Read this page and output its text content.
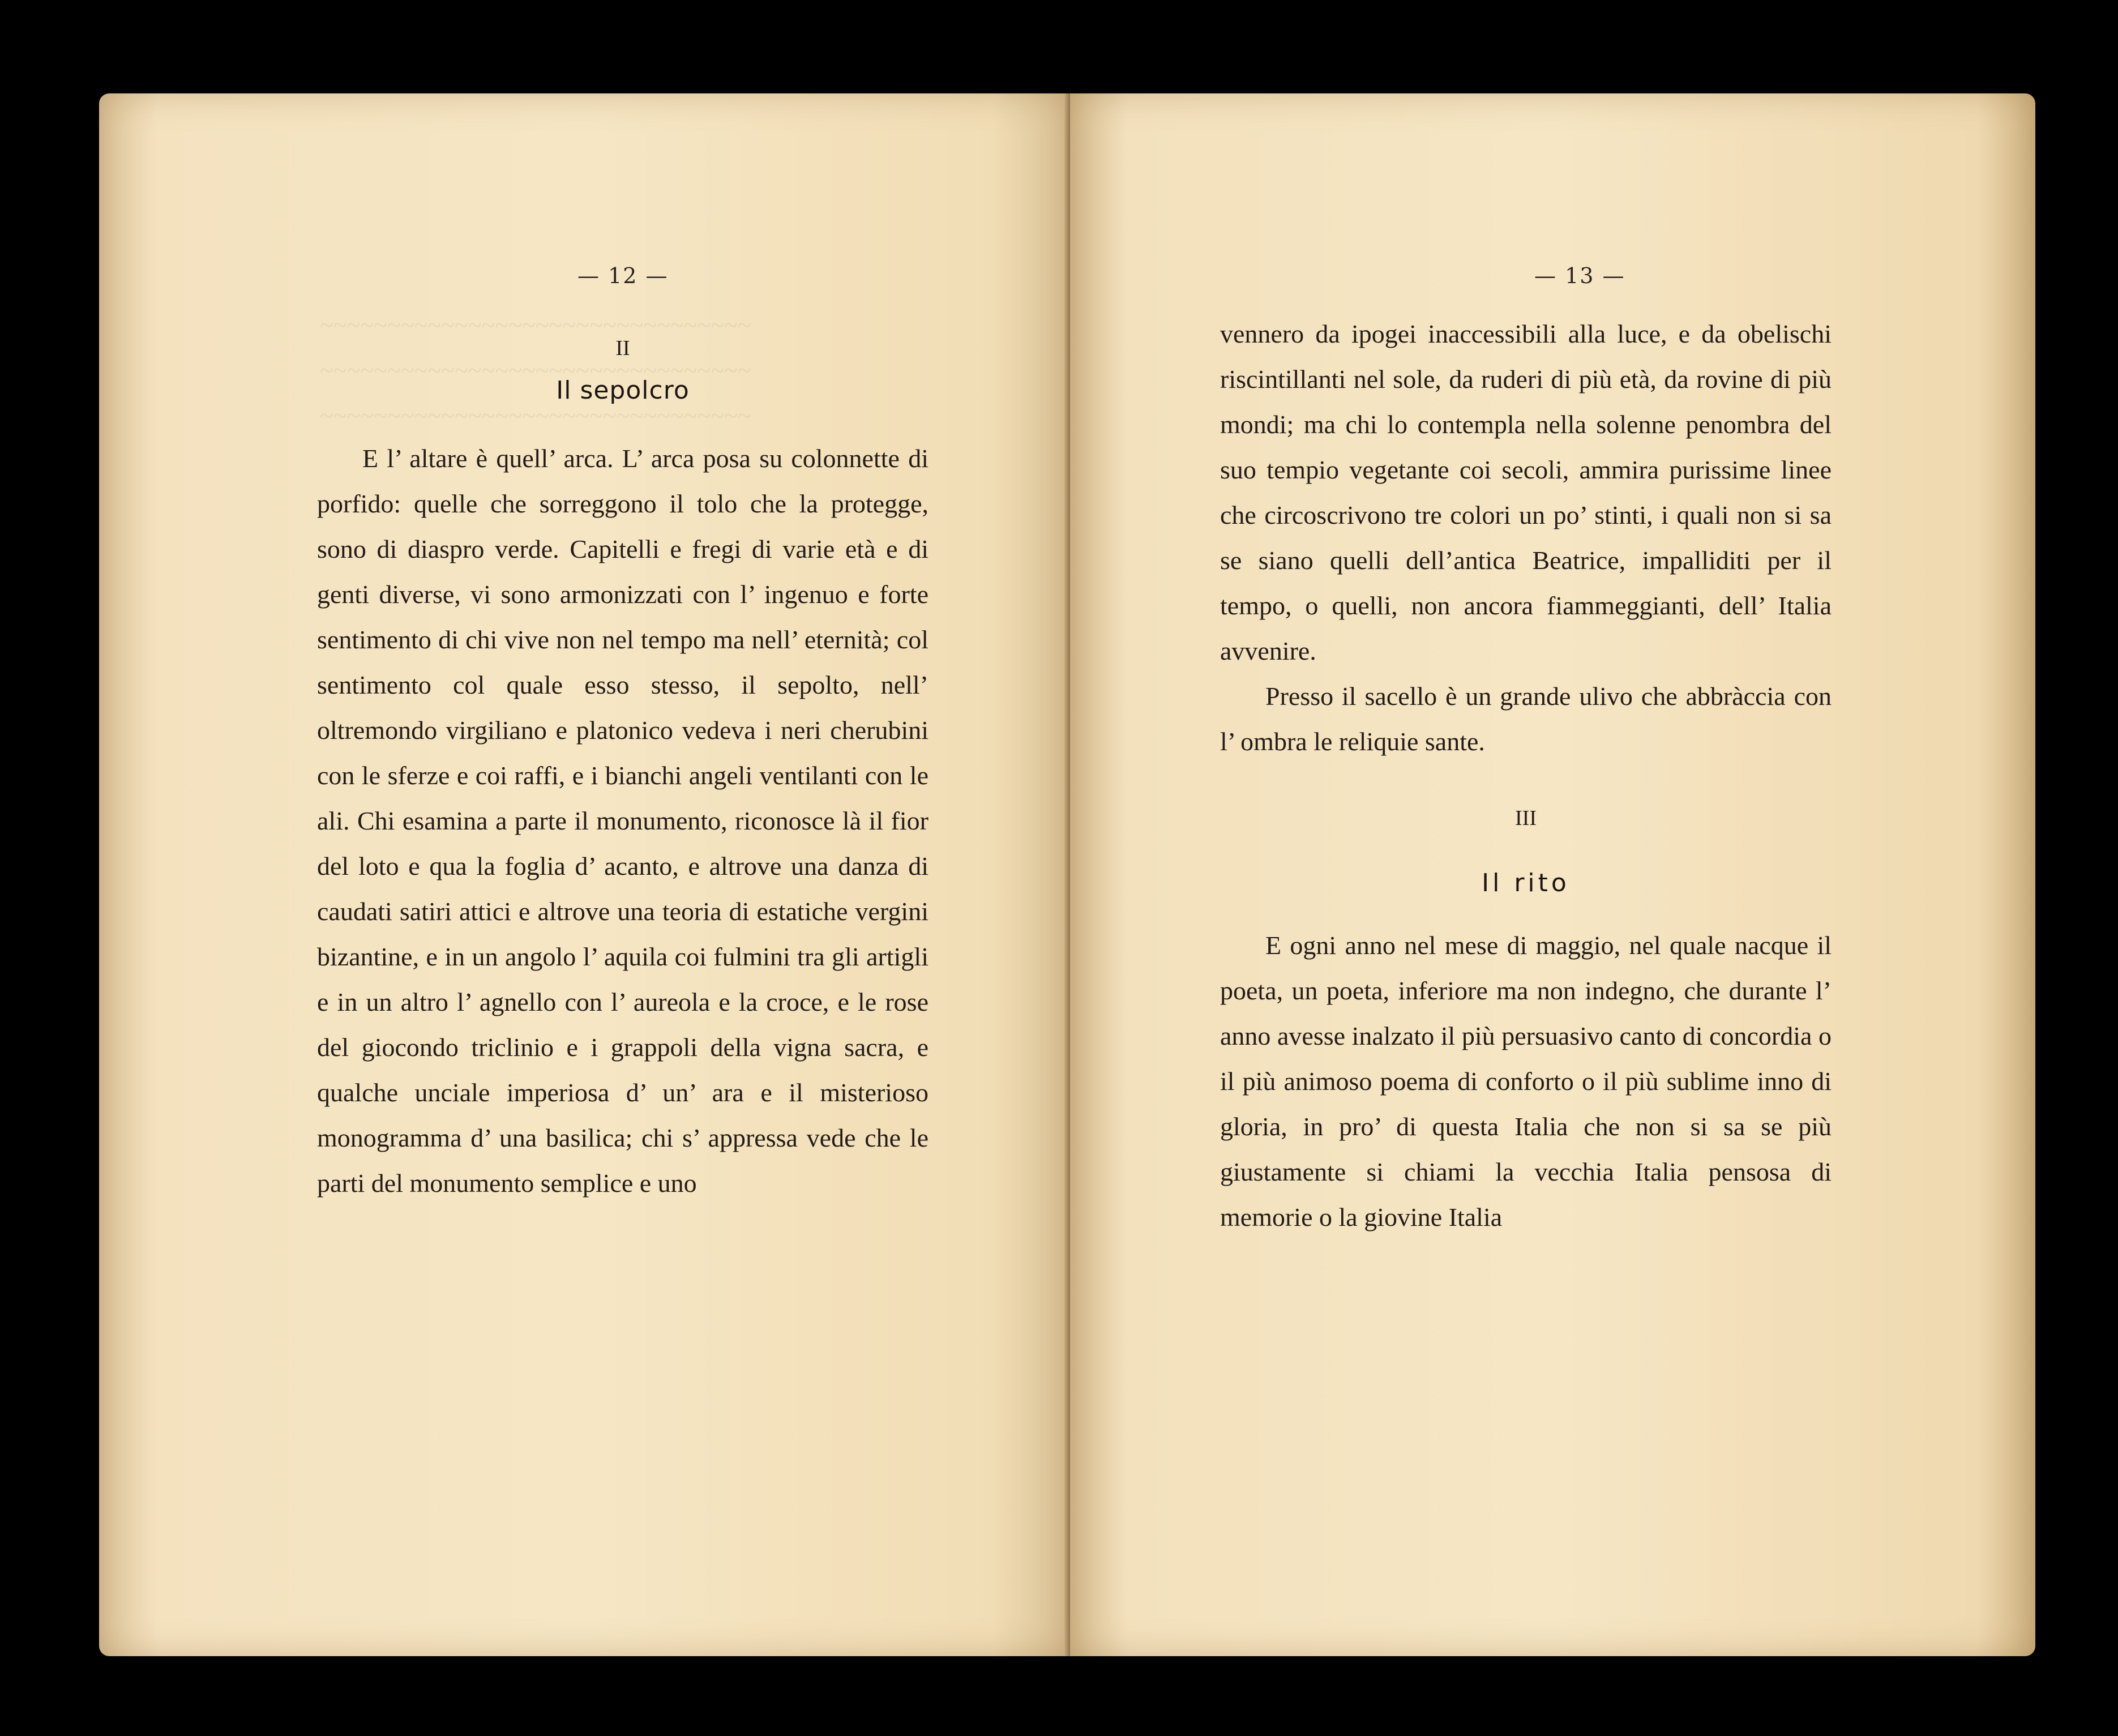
— 12 —
~~~~~~~~~~~~~~~~~~~~~~~~~~~~~~~~
~~~~~~~~~~~~~~~~~~~~~~~~~~~~~~~~
~~~~~~~~~~~~~~~~~~~~~~~~~~~~~~~~
II
Il sepolcro

E l’ altare è quell’ arca. L’ arca posa su colonnette di porfido: quelle che sorreggono il tolo che la protegge, sono di diaspro verde. Capitelli e fregi di varie età e di genti diverse, vi sono armonizzati con l’ ingenuo e forte sentimento di chi vive non nel tempo ma nell’ eternità; col sentimento col quale esso stesso, il sepolto, nell’ oltremondo virgiliano e platonico vedeva i neri cherubini con le sferze e coi raffi, e i bianchi angeli ventilanti con le ali. Chi esamina a parte il monumento, riconosce là il fior del loto e qua la foglia d’ acanto, e altrove una danza di caudati satiri attici e altrove una teoria di estatiche vergini bizantine, e in un angolo l’ aquila coi fulmini tra gli artigli e in un altro l’ agnello con l’ aureola e la croce, e le rose del giocondo triclinio e i grappoli della vigna sacra, e qualche unciale imperiosa d’ un’ ara e il misterioso monogramma d’ una basilica; chi s’ appressa vede che le parti del monumento semplice e uno

— 13 —

vennero da ipogei inaccessibili alla luce, e da obelischi riscintillanti nel sole, da ruderi di più età, da rovine di più mondi; ma chi lo contempla nella solenne penombra del suo tempio vegetante coi secoli, ammira purissime linee che circoscrivono tre colori un po’ stinti, i quali non si sa se siano quelli dell’antica Beatrice, impalliditi per il tempo, o quelli, non ancora fiammeggianti, dell’ Italia avvenire.

Presso il sacello è un grande ulivo che abbràccia con l’ ombra le reliquie sante.

III
Il rito

E ogni anno nel mese di maggio, nel quale nacque il poeta, un poeta, inferiore ma non indegno, che durante l’ anno avesse inalzato il più persuasivo canto di concordia o il più animoso poema di conforto o il più sublime inno di gloria, in pro’ di questa Italia che non si sa se più giustamente si chiami la vecchia Italia pensosa di memorie o la giovine Italia
